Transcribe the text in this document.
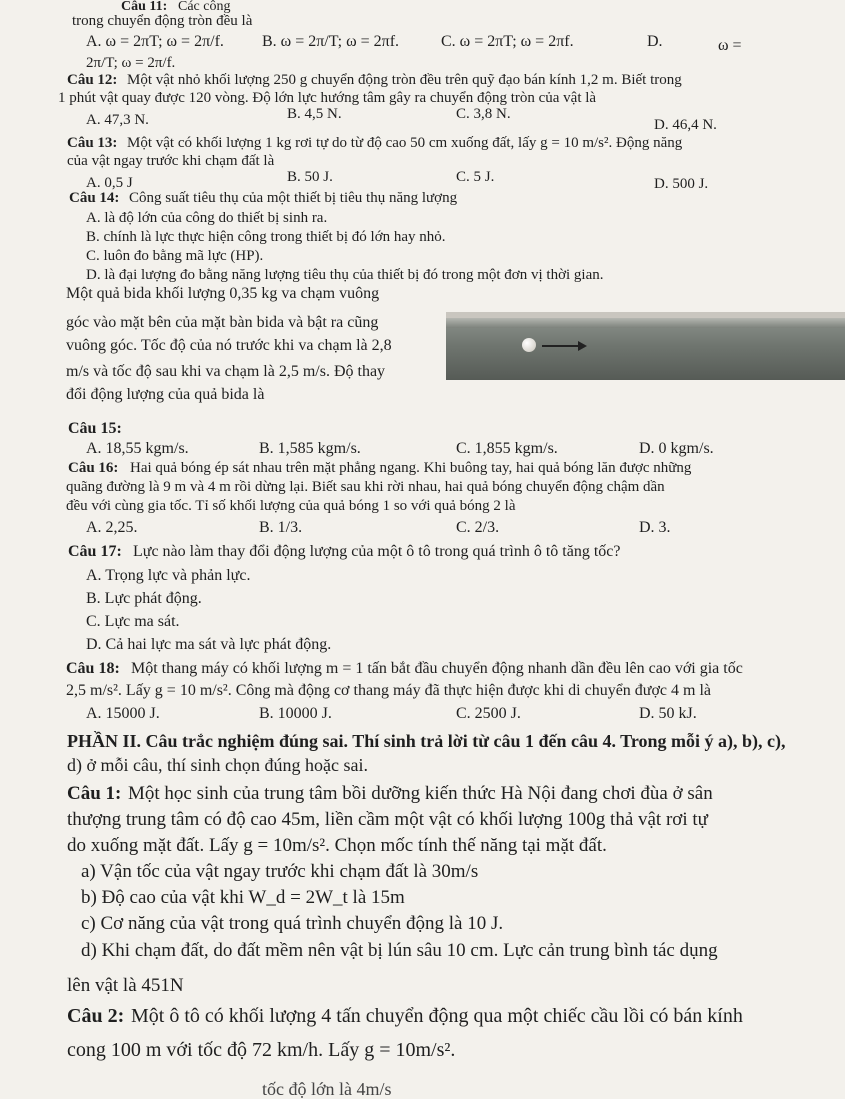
Câu 11: Các công
trong chuyển động tròn đều là
A. ω = 2πT; ω = 2π/f. B. ω = 2π/T; ω = 2πf.	C. ω = 2πT; ω = 2πf.	D.	ω =
2π/T; ω = 2π/f.
Câu 12: Một vật nhỏ khối lượng 250 g chuyển động tròn đều trên quỹ đạo bán kính 1,2 m. Biết trong
1 phút vật quay được 120 vòng. Độ lớn lực hướng tâm gây ra chuyển động tròn của vật là
A. 47,3 N.	B. 4,5 N.	C. 3,8 N.
D. 46,4 N.
Câu 13: Một vật có khối lượng 1 kg rơi tự do từ độ cao 50 cm xuống đất, lấy g = 10 m/s². Động năng
của vật ngay trước khi chạm đất là
A. 0,5 J	B. 50 J.	C. 5 J.	D. 500 J.
Câu 14: Công suất tiêu thụ của một thiết bị tiêu thụ năng lượng
A. là độ lớn của công do thiết bị sinh ra.
B. chính là lực thực hiện công trong thiết bị đó lớn hay nhỏ.
C. luôn đo bằng mã lực (HP).
D. là đại lượng đo bằng năng lượng tiêu thụ của thiết bị đó trong một đơn vị thời gian.
Một quả bida khối lượng 0,35 kg va chạm vuông
góc vào mặt bên của mặt bàn bida và bật ra cũng
vuông góc. Tốc độ của nó trước khi va chạm là 2,8
m/s và tốc độ sau khi va chạm là 2,5 m/s. Độ thay
đổi động lượng của quả bida là
Câu 15:
A. 18,55 kgm/s.	B. 1,585 kgm/s.	C. 1,855 kgm/s.	D. 0 kgm/s.
Câu 16: Hai quả bóng ép sát nhau trên mặt phẳng ngang. Khi buông tay, hai quả bóng lăn được những
quãng đường là 9 m và 4 m rồi dừng lại. Biết sau khi rời nhau, hai quả bóng chuyển động chậm dần
đều với cùng gia tốc. Tỉ số khối lượng của quả bóng 1 so với quả bóng 2 là
A. 2,25.	B. 1/3.	C. 2/3.	D. 3.
Câu 17: Lực nào làm thay đổi động lượng của một ô tô trong quá trình ô tô tăng tốc?
A. Trọng lực và phản lực.
B. Lực phát động.
C. Lực ma sát.
D. Cả hai lực ma sát và lực phát động.
Câu 18: Một thang máy có khối lượng m = 1 tấn bắt đầu chuyển động nhanh dần đều lên cao với gia tốc
2,5 m/s². Lấy g = 10 m/s². Công mà động cơ thang máy đã thực hiện được khi di chuyển được 4 m là
A. 15000 J.	B. 10000 J.	C. 2500 J.	D. 50 kJ.
PHẦN II. Câu trắc nghiệm đúng sai. Thí sinh trả lời từ câu 1 đến câu 4. Trong mỗi ý a), b), c),
d) ở mỗi câu, thí sinh chọn đúng hoặc sai.
Câu 1: Một học sinh của trung tâm bồi dưỡng kiến thức Hà Nội đang chơi đùa ở sân
thượng trung tâm có độ cao 45m, liền cầm một vật có khối lượng 100g thả vật rơi tự
do xuống mặt đất. Lấy g = 10m/s². Chọn mốc tính thế năng tại mặt đất.
a) Vận tốc của vật ngay trước khi chạm đất là 30m/s
b) Độ cao của vật khi W_d = 2W_t là 15m
c) Cơ năng của vật trong quá trình chuyển động là 10 J.
d) Khi chạm đất, do đất mềm nên vật bị lún sâu 10 cm. Lực cản trung bình tác dụng
lên vật là 451N
Câu 2: Một ô tô có khối lượng 4 tấn chuyển động qua một chiếc cầu lồi có bán kính
cong 100 m với tốc độ 72 km/h. Lấy g = 10m/s².
tốc độ lớn là 4m/s
